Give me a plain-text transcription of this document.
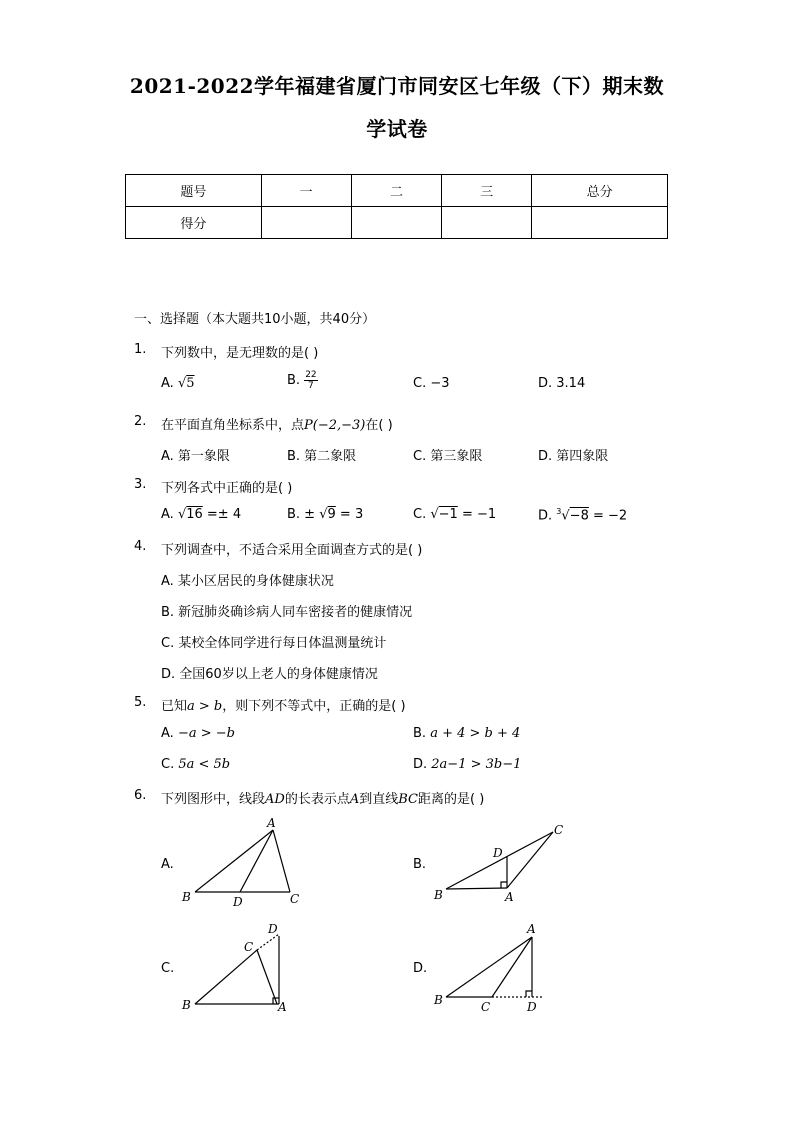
2021-2022学年福建省厦门市同安区七年级（下）期末数
学试卷
题号	一	二	三	总分
得分				
一、选择题（本大题共10小题，共40分）
1. 下列数中，是无理数的是( )
A. √5	B. $\frac{22}{7}$	C. −3	D. 3.14
2. 在平面直角坐标系中，点P(−2,−3)在( )
A. 第一象限	B. 第二象限	C. 第三象限	D. 第四象限
3. 下列各式中正确的是( )
A. √16 =± 4	B. ± √9 = 3	C. √−1 = −1	D. $^3$√−8 = −2
4. 下列调查中，不适合采用全面调查方式的是( )
A. 某小区居民的身体健康状况
B. 新冠肺炎确诊病人同车密接者的健康情况
C. 某校全体同学进行每日体温测量统计
D. 全国60岁以上老人的身体健康情况
5. 已知a > b，则下列不等式中，正确的是( )
A. −a > −b	B. a + 4 > b + 4
C. 5a < 5b	D. 2a−1 > 3b−1
6. 下列图形中，线段AD的长表示点A到直线BC距离的是( )
A.	B.
C.	D.
A
B	D	C
C
D
B	A
C
D
B	A
A
B	C	D
